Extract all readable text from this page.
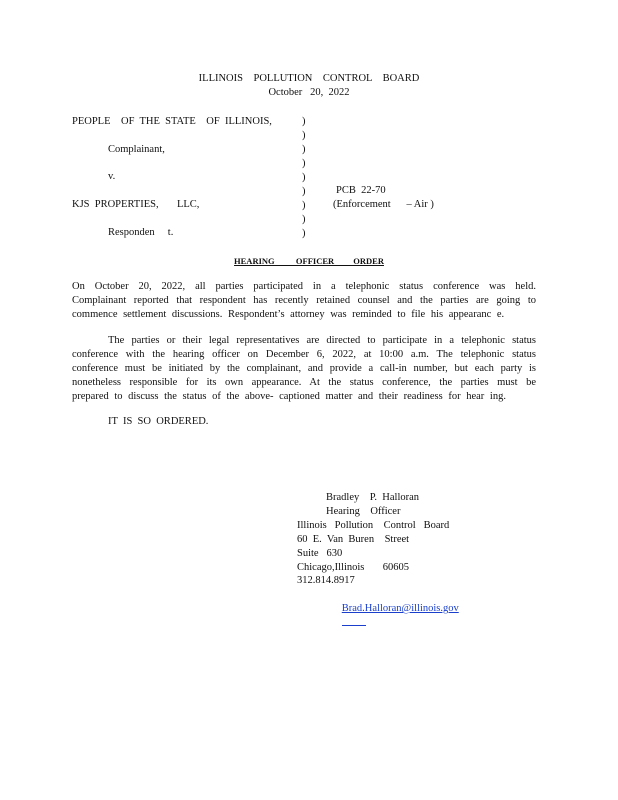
ILLINOIS    POLLUTION    CONTROL    BOARD
October   20,  2022
PEOPLE    OF  THE  STATE    OF  ILLINOIS,
Complainant,
v.
KJS  PROPERTIES,       LLC,
Responden     t.
PCB  22-70
(Enforcement      – Air )
)
)
)
)
)
)
)
)
)
HEARING          OFFICER         ORDER
On October 20, 2022, all parties participated in a telephonic status conference was held. Complainant reported that respondent has recently retained counsel and the parties are going to commence settlement discussions. Respondent’s attorney was reminded to file his appearanc e.
The parties or their legal representatives are directed to participate in a telephonic status conference with the hearing officer on December 6, 2022, at 10:00 a.m. The telephonic status conference must be initiated by the complainant, and provide a call-in number, but each party is nonetheless responsible for its own appearance. At the status conference, the parties must be prepared to discuss the status of the above- captioned matter and their readiness for hear ing.
IT  IS  SO  ORDERED.
Bradley    P.  Halloran
Hearing    Officer
Illinois   Pollution    Control   Board
60  E.  Van  Buren    Street
Suite   630
Chicago,Illinois       60605
312.814.8917

Brad.Halloran@illinois.gov
